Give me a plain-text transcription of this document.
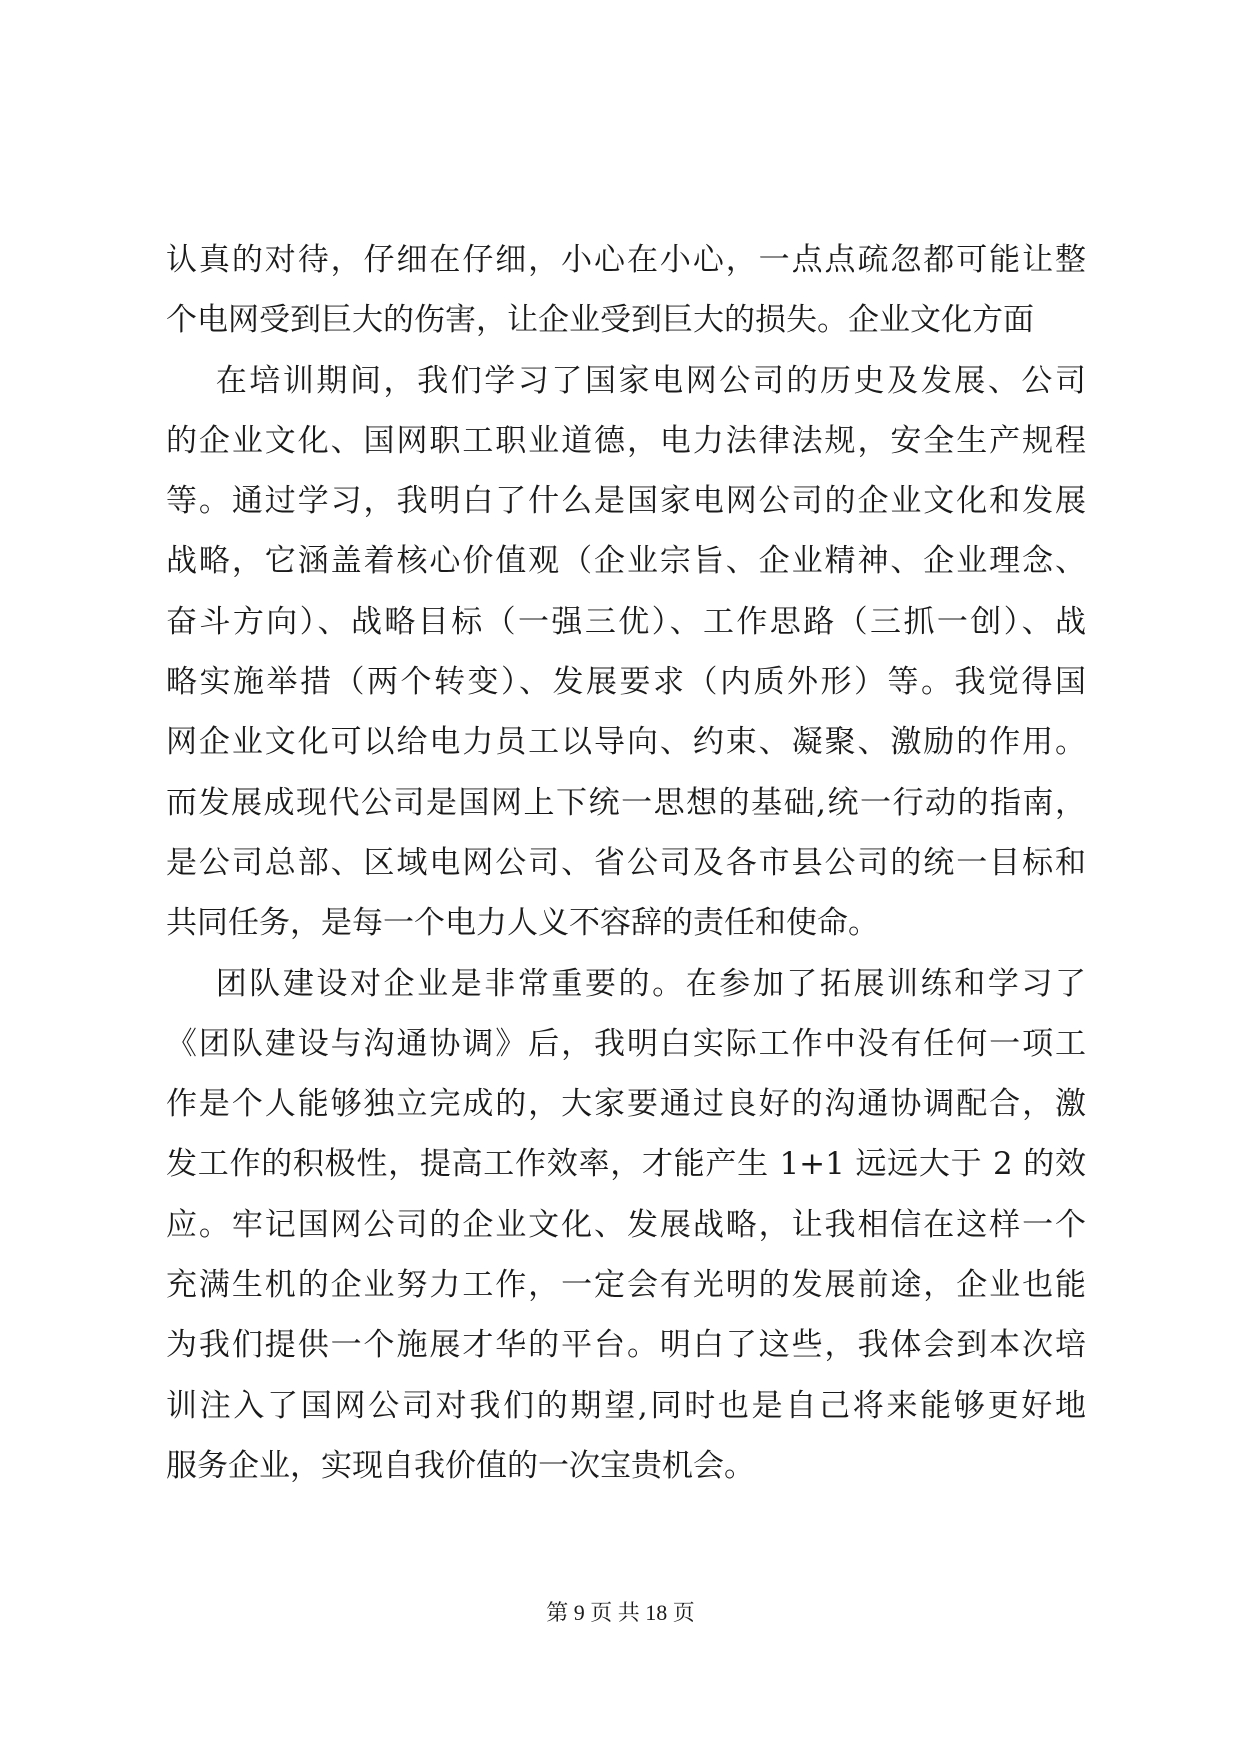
认真的对待，仔细在仔细，小心在小心，一点点疏忽都可能让整
个电网受到巨大的伤害，让企业受到巨大的损失。企业文化方面
在培训期间，我们学习了国家电网公司的历史及发展、公司
的企业文化、国网职工职业道德，电力法律法规，安全生产规程
等。通过学习，我明白了什么是国家电网公司的企业文化和发展
战略，它涵盖着核心价值观（企业宗旨、企业精神、企业理念、
奋斗方向）、战略目标（一强三优）、工作思路（三抓一创）、战
略实施举措（两个转变）、发展要求（内质外形）等。我觉得国
网企业文化可以给电力员工以导向、约束、凝聚、激励的作用。
而发展成现代公司是国网上下统一思想的基础,统一行动的指南，
是公司总部、区域电网公司、省公司及各市县公司的统一目标和
共同任务，是每一个电力人义不容辞的责任和使命。
团队建设对企业是非常重要的。在参加了拓展训练和学习了
《团队建设与沟通协调》后，我明白实际工作中没有任何一项工
作是个人能够独立完成的，大家要通过良好的沟通协调配合，激
发工作的积极性，提高工作效率，才能产生 1+1 远远大于 2 的效
应。牢记国网公司的企业文化、发展战略，让我相信在这样一个
充满生机的企业努力工作，一定会有光明的发展前途，企业也能
为我们提供一个施展才华的平台。明白了这些，我体会到本次培
训注入了国网公司对我们的期望,同时也是自己将来能够更好地
服务企业，实现自我价值的一次宝贵机会。
第 9 页 共 18 页
